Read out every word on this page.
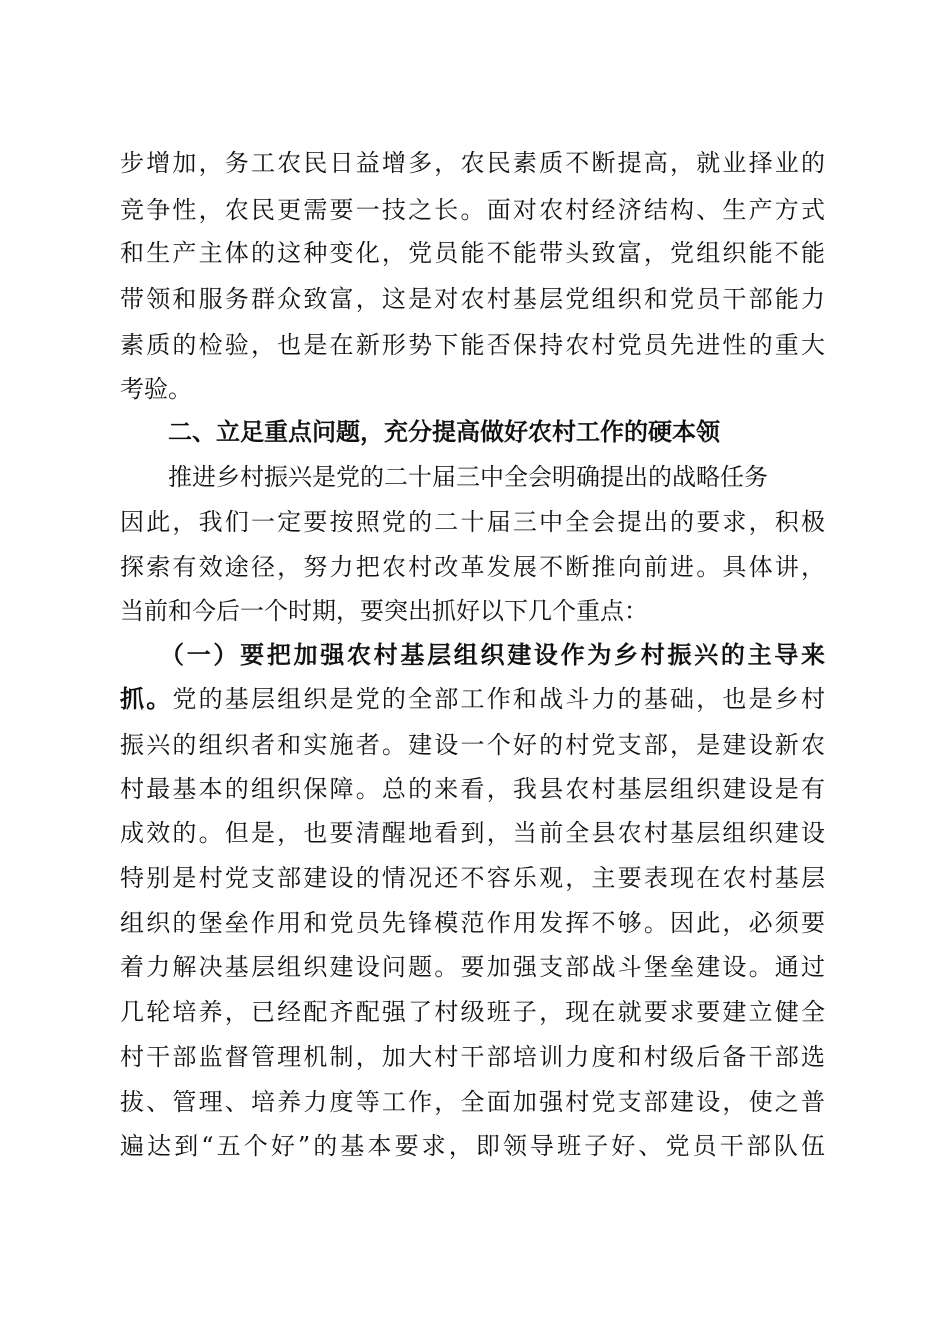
步增加，务工农民日益增多，农民素质不断提高，就业择业的
竞争性，农民更需要一技之长。面对农村经济结构、生产方式
和生产主体的这种变化，党员能不能带头致富，党组织能不能
带领和服务群众致富，这是对农村基层党组织和党员干部能力
素质的检验，也是在新形势下能否保持农村党员先进性的重大
考验。
二、立足重点问题，充分提高做好农村工作的硬本领
推进乡村振兴是党的二十届三中全会明确提出的战略任务
因此，我们一定要按照党的二十届三中全会提出的要求，积极
探索有效途径，努力把农村改革发展不断推向前进。具体讲，
当前和今后一个时期，要突出抓好以下几个重点：
（一）要把加强农村基层组织建设作为乡村振兴的主导来
抓。党的基层组织是党的全部工作和战斗力的基础，也是乡村
振兴的组织者和实施者。建设一个好的村党支部，是建设新农
村最基本的组织保障。总的来看，我县农村基层组织建设是有
成效的。但是，也要清醒地看到，当前全县农村基层组织建设
特别是村党支部建设的情况还不容乐观，主要表现在农村基层
组织的堡垒作用和党员先锋模范作用发挥不够。因此，必须要
着力解决基层组织建设问题。要加强支部战斗堡垒建设。通过
几轮培养，已经配齐配强了村级班子，现在就要求要建立健全
村干部监督管理机制，加大村干部培训力度和村级后备干部选
拔、管理、培养力度等工作，全面加强村党支部建设，使之普
遍达到“五个好”的基本要求，即领导班子好、党员干部队伍
